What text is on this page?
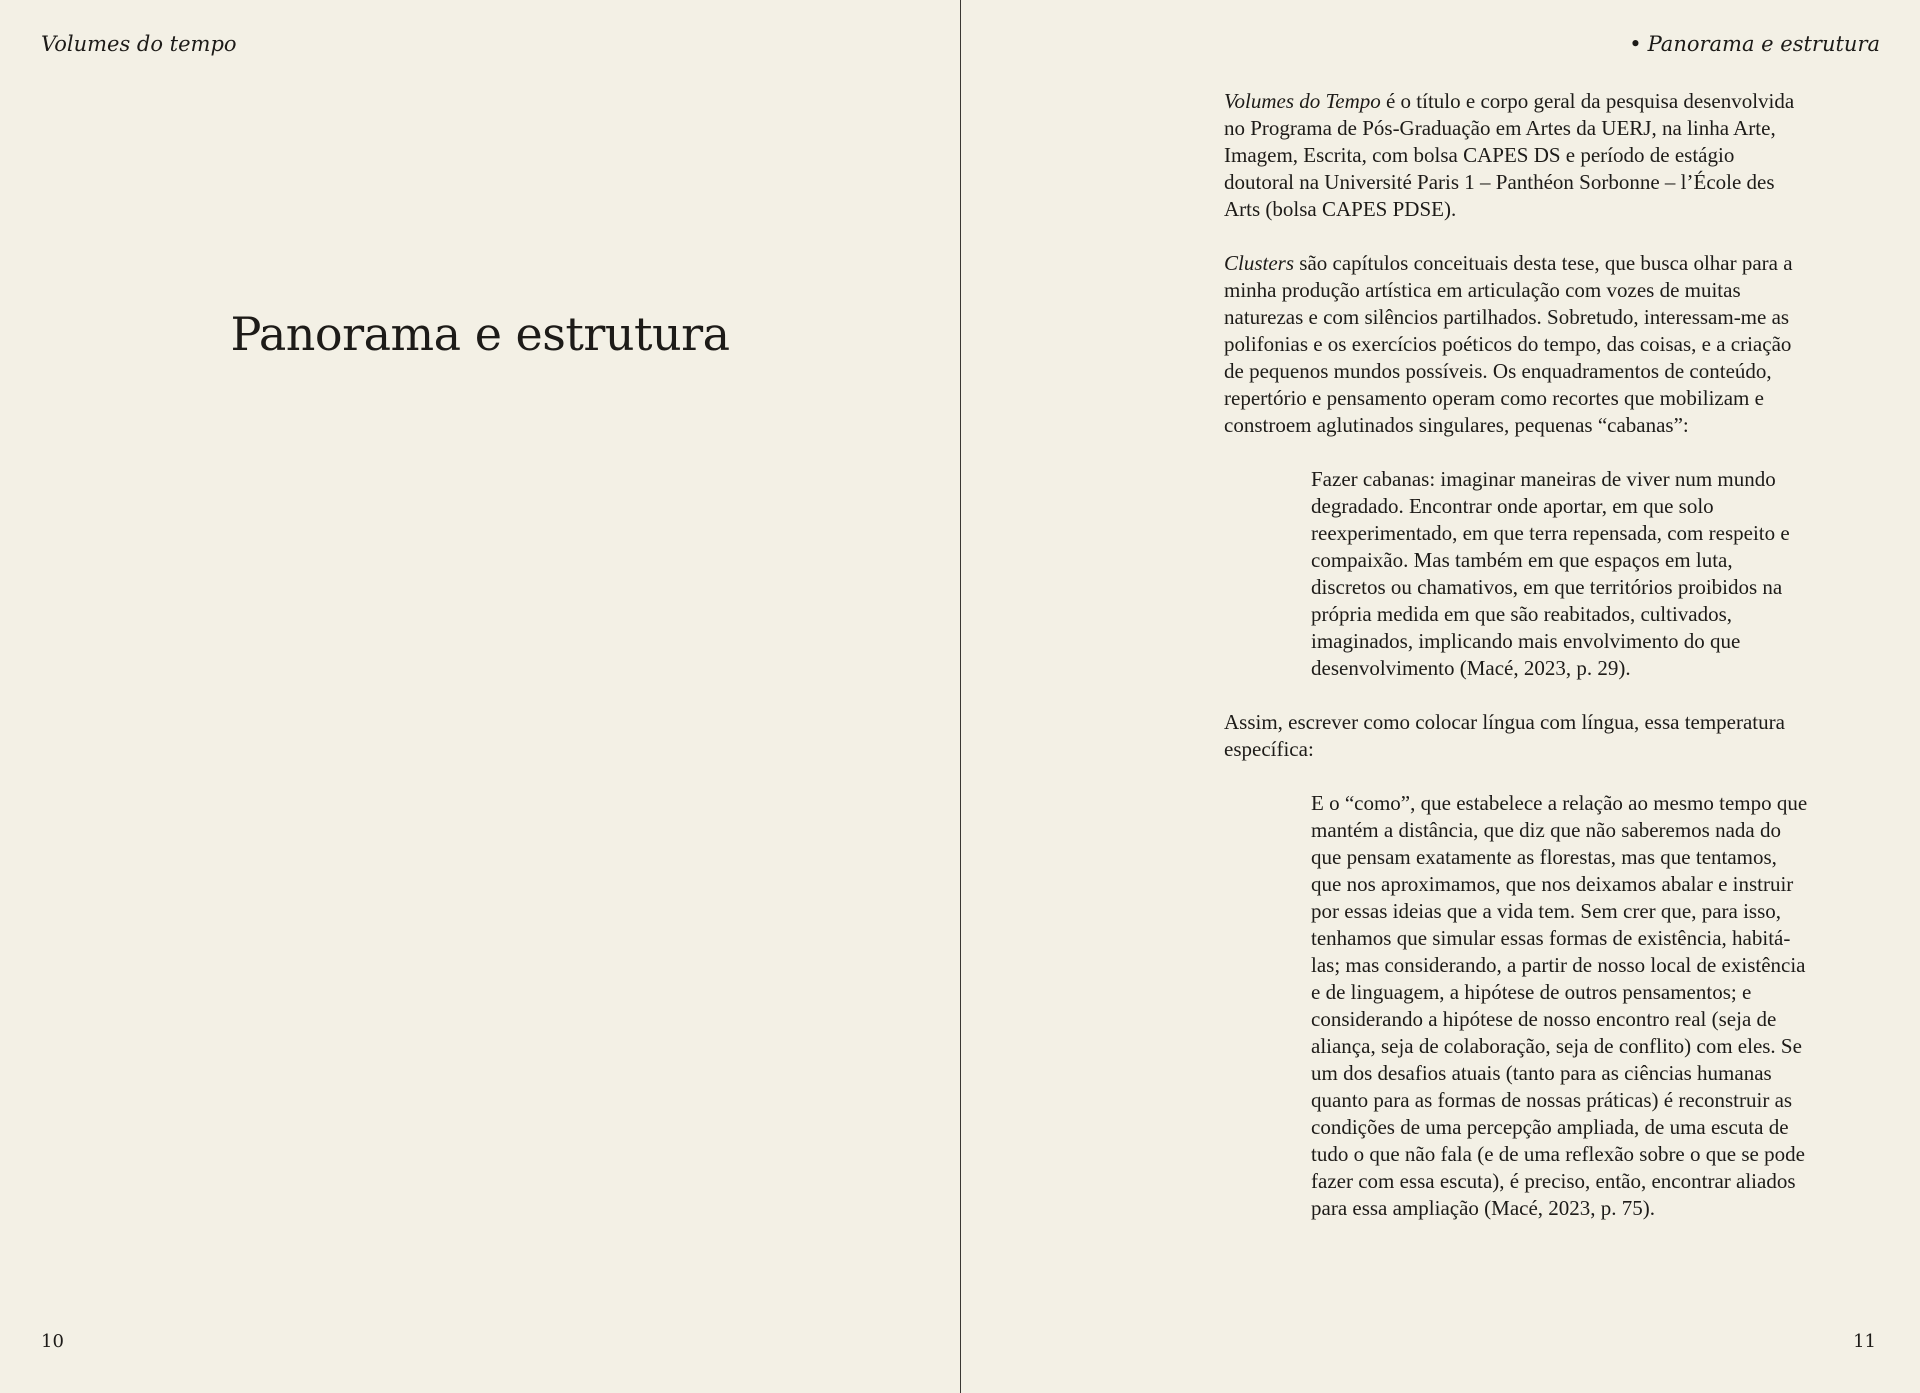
Volumes do tempo
Panorama e estrutura
10
• Panorama e estrutura

Volumes do Tempo é o título e corpo geral da pesquisa desenvolvida no Programa de Pós-Graduação em Artes da UERJ, na linha Arte, Imagem, Escrita, com bolsa CAPES DS e período de estágio doutoral na Université Paris 1 – Panthéon Sorbonne – l’École des Arts (bolsa CAPES PDSE).

Clusters são capítulos conceituais desta tese, que busca olhar para a minha produção artística em articulação com vozes de muitas naturezas e com silêncios partilhados. Sobretudo, interessam-me as polifonias e os exercícios poéticos do tempo, das coisas, e a criação de pequenos mundos possíveis. Os enquadramentos de conteúdo, repertório e pensamento operam como recortes que mobilizam e constroem aglutinados singulares, pequenas “cabanas”:

Fazer cabanas: imaginar maneiras de viver num mundo degradado. Encontrar onde aportar, em que solo reexperimentado, em que terra repensada, com respeito e compaixão. Mas também em que espaços em luta, discretos ou chamativos, em que territórios proibidos na própria medida em que são reabitados, cultivados, imaginados, implicando mais envolvimento do que desenvolvimento (Macé, 2023, p. 29).

Assim, escrever como colocar língua com língua, essa temperatura específica:

E o “como”, que estabelece a relação ao mesmo tempo que mantém a distância, que diz que não saberemos nada do que pensam exatamente as florestas, mas que tentamos, que nos aproximamos, que nos deixamos abalar e instruir por essas ideias que a vida tem. Sem crer que, para isso, tenhamos que simular essas formas de existência, habitá-las; mas considerando, a partir de nosso local de existência e de linguagem, a hipótese de outros pensamentos; e considerando a hipótese de nosso encontro real (seja de aliança, seja de colaboração, seja de conflito) com eles. Se um dos desafios atuais (tanto para as ciências humanas quanto para as formas de nossas práticas) é reconstruir as condições de uma percepção ampliada, de uma escuta de tudo o que não fala (e de uma reflexão sobre o que se pode fazer com essa escuta), é preciso, então, encontrar aliados para essa ampliação (Macé, 2023, p. 75).

11
